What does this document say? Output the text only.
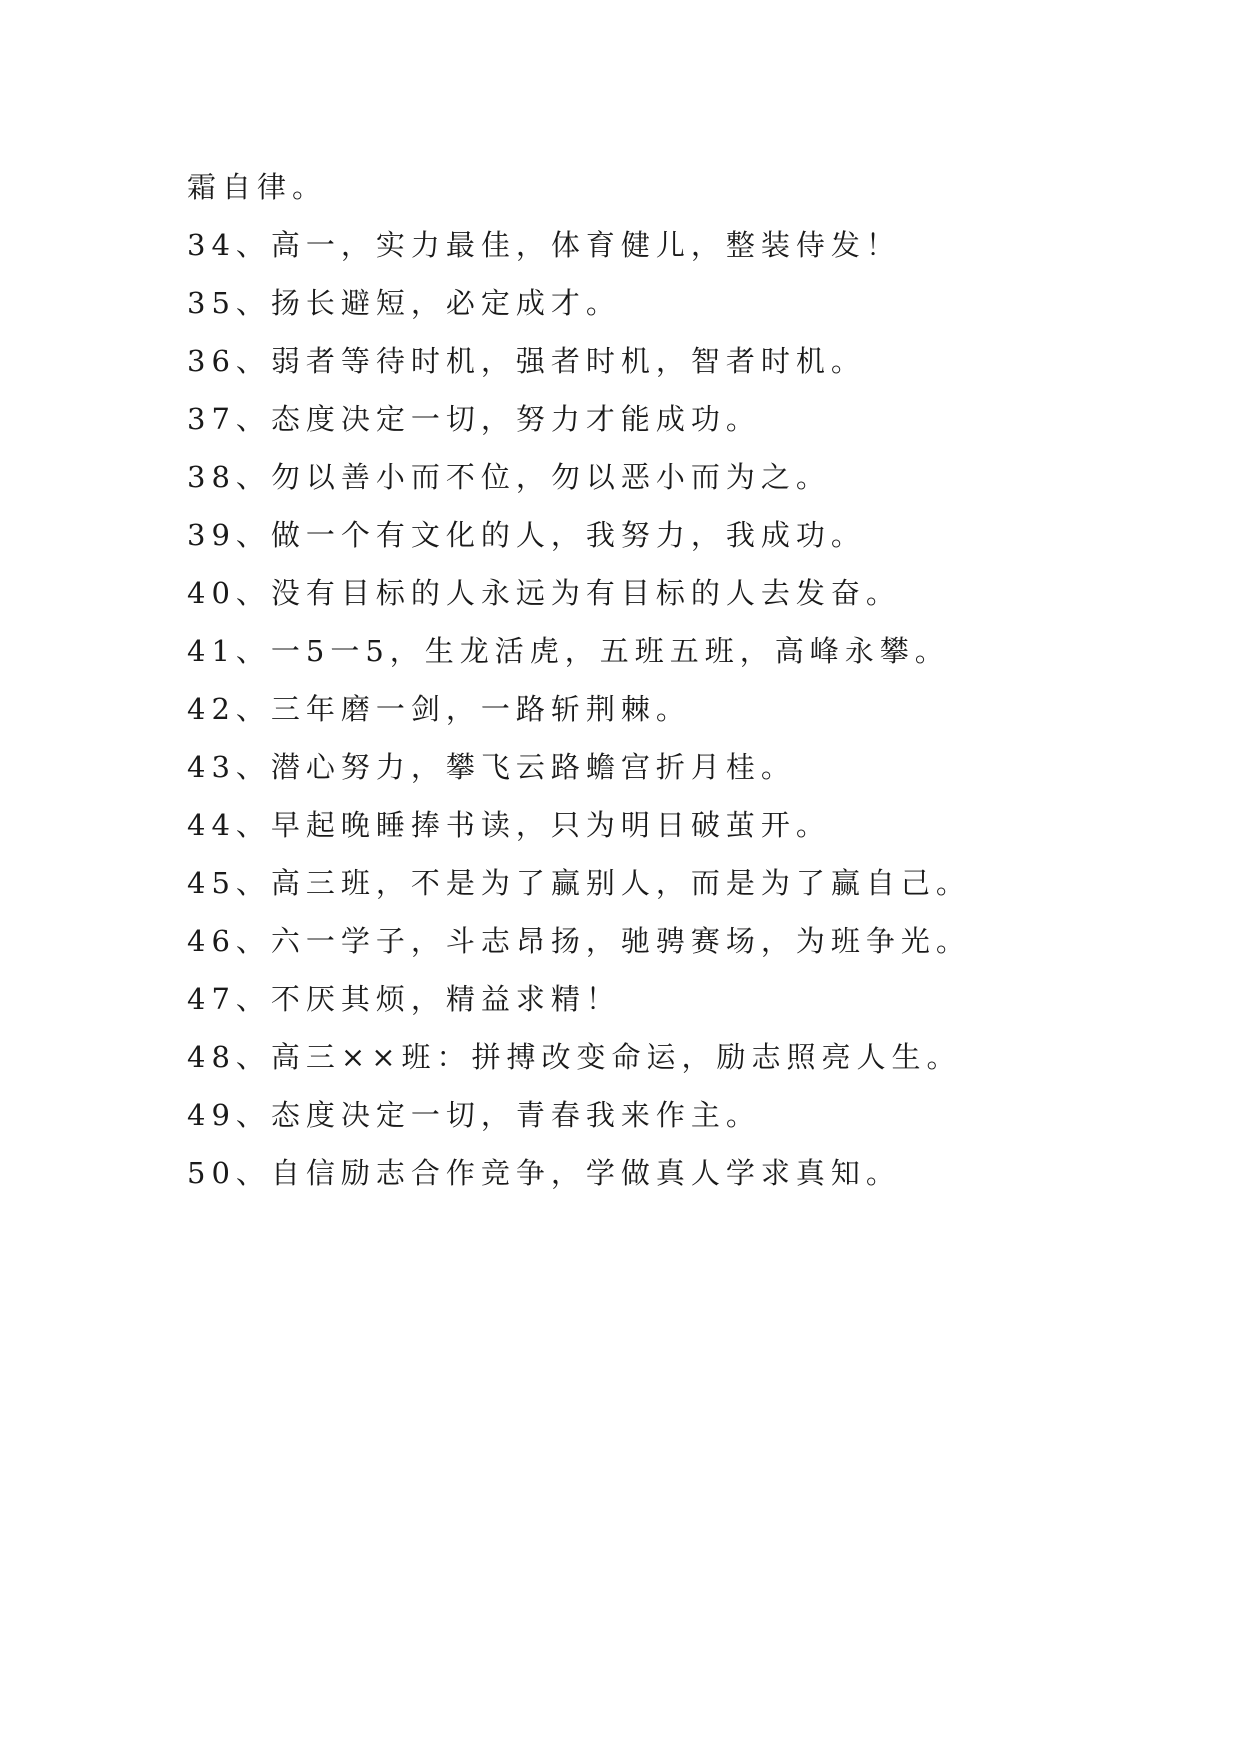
霜自律。
34、高一，实力最佳，体育健儿，整装侍发！
35、扬长避短，必定成才。
36、弱者等待时机，强者时机，智者时机。
37、态度决定一切，努力才能成功。
38、勿以善小而不位，勿以恶小而为之。
39、做一个有文化的人，我努力，我成功。
40、没有目标的人永远为有目标的人去发奋。
41、一5一5，生龙活虎，五班五班，高峰永攀。
42、三年磨一剑，一路斩荆棘。
43、潜心努力，攀飞云路蟾宫折月桂。
44、早起晚睡捧书读，只为明日破茧开。
45、高三班，不是为了赢别人，而是为了赢自己。
46、六一学子，斗志昂扬，驰骋赛场，为班争光。
47、不厌其烦，精益求精！
48、高三××班：拼搏改变命运，励志照亮人生。
49、态度决定一切，青春我来作主。
50、自信励志合作竞争，学做真人学求真知。
